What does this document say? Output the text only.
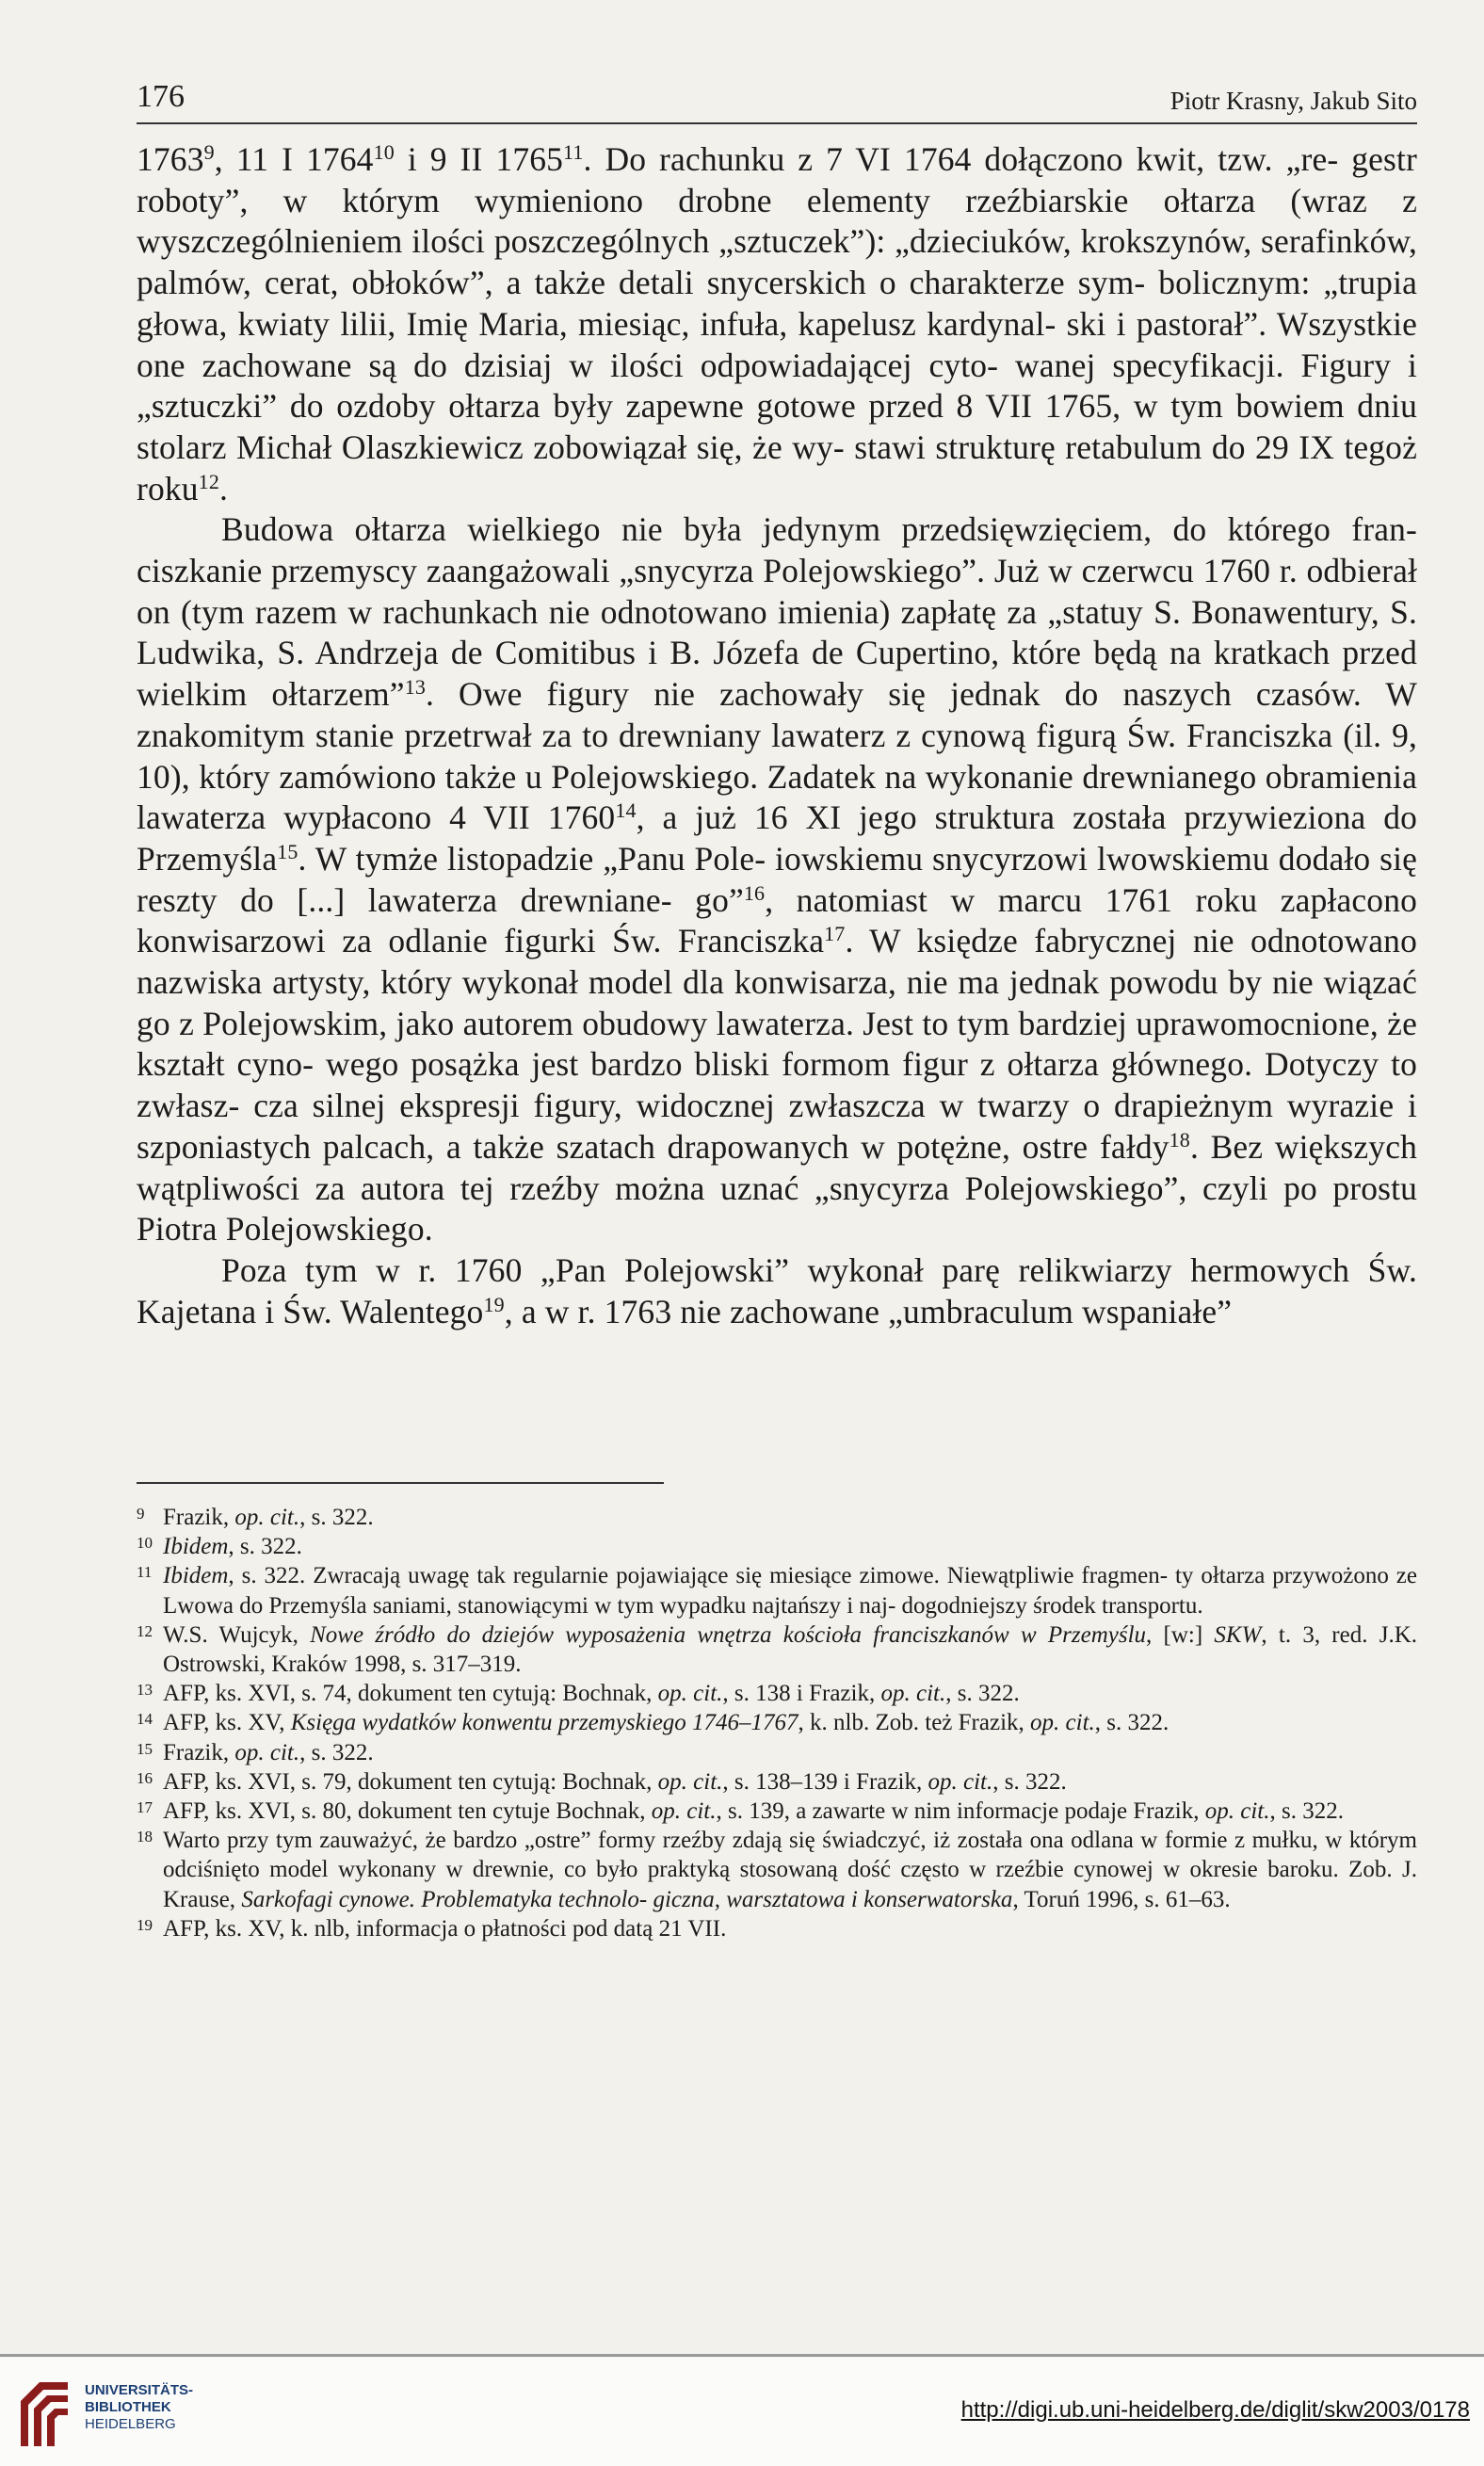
176	Piotr Krasny, Jakub Sito

1763$^9$, 11 I 1764$^{10}$ i 9 II 1765$^{11}$. Do rachunku z 7 VI 1764 dołączono kwit, tzw. „re- gestr roboty”, w którym wymieniono drobne elementy rzeźbiarskie ołtarza (wraz z wyszczególnieniem ilości poszczególnych „sztuczek”): „dzieciuków, krokszynów, serafinków, palmów, cerat, obłoków”, a także detali snycerskich o charakterze sym- bolicznym: „trupia głowa, kwiaty lilii, Imię Maria, miesiąc, infuła, kapelusz kardynal- ski i pastorał”. Wszystkie one zachowane są do dzisiaj w ilości odpowiadającej cyto- wanej specyfikacji. Figury i „sztuczki” do ozdoby ołtarza były zapewne gotowe przed 8 VII 1765, w tym bowiem dniu stolarz Michał Olaszkiewicz zobowiązał się, że wy- stawi strukturę retabulum do 29 IX tegoż roku$^{12}$.

Budowa ołtarza wielkiego nie była jedynym przedsięwzięciem, do którego fran- ciszkanie przemyscy zaangażowali „snycyrza Polejowskiego”. Już w czerwcu 1760 r. odbierał on (tym razem w rachunkach nie odnotowano imienia) zapłatę za „statuy S. Bonawentury, S. Ludwika, S. Andrzeja de Comitibus i B. Józefa de Cupertino, które będą na kratkach przed wielkim ołtarzem”$^{13}$. Owe figury nie zachowały się jednak do naszych czasów. W znakomitym stanie przetrwał za to drewniany lawaterz z cynową figurą Św. Franciszka (il. 9, 10), który zamówiono także u Polejowskiego. Zadatek na wykonanie drewnianego obramienia lawaterza wypłacono 4 VII 1760$^{14}$, a już 16 XI jego struktura została przywieziona do Przemyśla$^{15}$. W tymże listopadzie „Panu Pole- iowskiemu snycyrzowi lwowskiemu dodało się reszty do [...] lawaterza drewniane- go”$^{16}$, natomiast w marcu 1761 roku zapłacono konwisarzowi za odlanie figurki Św. Franciszka$^{17}$. W księdze fabrycznej nie odnotowano nazwiska artysty, który wykonał model dla konwisarza, nie ma jednak powodu by nie wiązać go z Polejowskim, jako autorem obudowy lawaterza. Jest to tym bardziej uprawomocnione, że kształt cyno- wego posążka jest bardzo bliski formom figur z ołtarza głównego. Dotyczy to zwłasz- cza silnej ekspresji figury, widocznej zwłaszcza w twarzy o drapieżnym wyrazie i szponiastych palcach, a także szatach drapowanych w potężne, ostre fałdy$^{18}$. Bez większych wątpliwości za autora tej rzeźby można uznać „snycyrza Polejowskiego”, czyli po prostu Piotra Polejowskiego.

Poza tym w r. 1760 „Pan Polejowski” wykonał parę relikwiarzy hermowych Św. Kajetana i Św. Walentego$^{19}$, a w r. 1763 nie zachowane „umbraculum wspaniałe”

9 Frazik, op. cit., s. 322.
10 Ibidem, s. 322.
11 Ibidem, s. 322. Zwracają uwagę tak regularnie pojawiające się miesiące zimowe. Niewątpliwie fragmen- ty ołtarza przywożono ze Lwowa do Przemyśla saniami, stanowiącymi w tym wypadku najtańszy i naj- dogodniejszy środek transportu.
12 W.S. Wujcyk, Nowe źródło do dziejów wyposażenia wnętrza kościoła franciszkanów w Przemyślu, [w:] SKW, t. 3, red. J.K. Ostrowski, Kraków 1998, s. 317–319.
13 AFP, ks. XVI, s. 74, dokument ten cytują: Bochnak, op. cit., s. 138 i Frazik, op. cit., s. 322.
14 AFP, ks. XV, Księga wydatków konwentu przemyskiego 1746–1767, k. nlb. Zob. też Frazik, op. cit., s. 322.
15 Frazik, op. cit., s. 322.
16 AFP, ks. XVI, s. 79, dokument ten cytują: Bochnak, op. cit., s. 138–139 i Frazik, op. cit., s. 322.
17 AFP, ks. XVI, s. 80, dokument ten cytuje Bochnak, op. cit., s. 139, a zawarte w nim informacje podaje Frazik, op. cit., s. 322.
18 Warto przy tym zauważyć, że bardzo „ostre” formy rzeźby zdają się świadczyć, iż została ona odlana w formie z mułku, w którym odciśnięto model wykonany w drewnie, co było praktyką stosowaną dość często w rzeźbie cynowej w okresie baroku. Zob. J. Krause, Sarkofagi cynowe. Problematyka technolo- giczna, warsztatowa i konserwatorska, Toruń 1996, s. 61–63.
19 AFP, ks. XV, k. nlb, informacja o płatności pod datą 21 VII.
UNIVERSITÄTS-
BIBLIOTHEK
HEIDELBERG
http://digi.ub.uni-heidelberg.de/diglit/skw2003/0178
